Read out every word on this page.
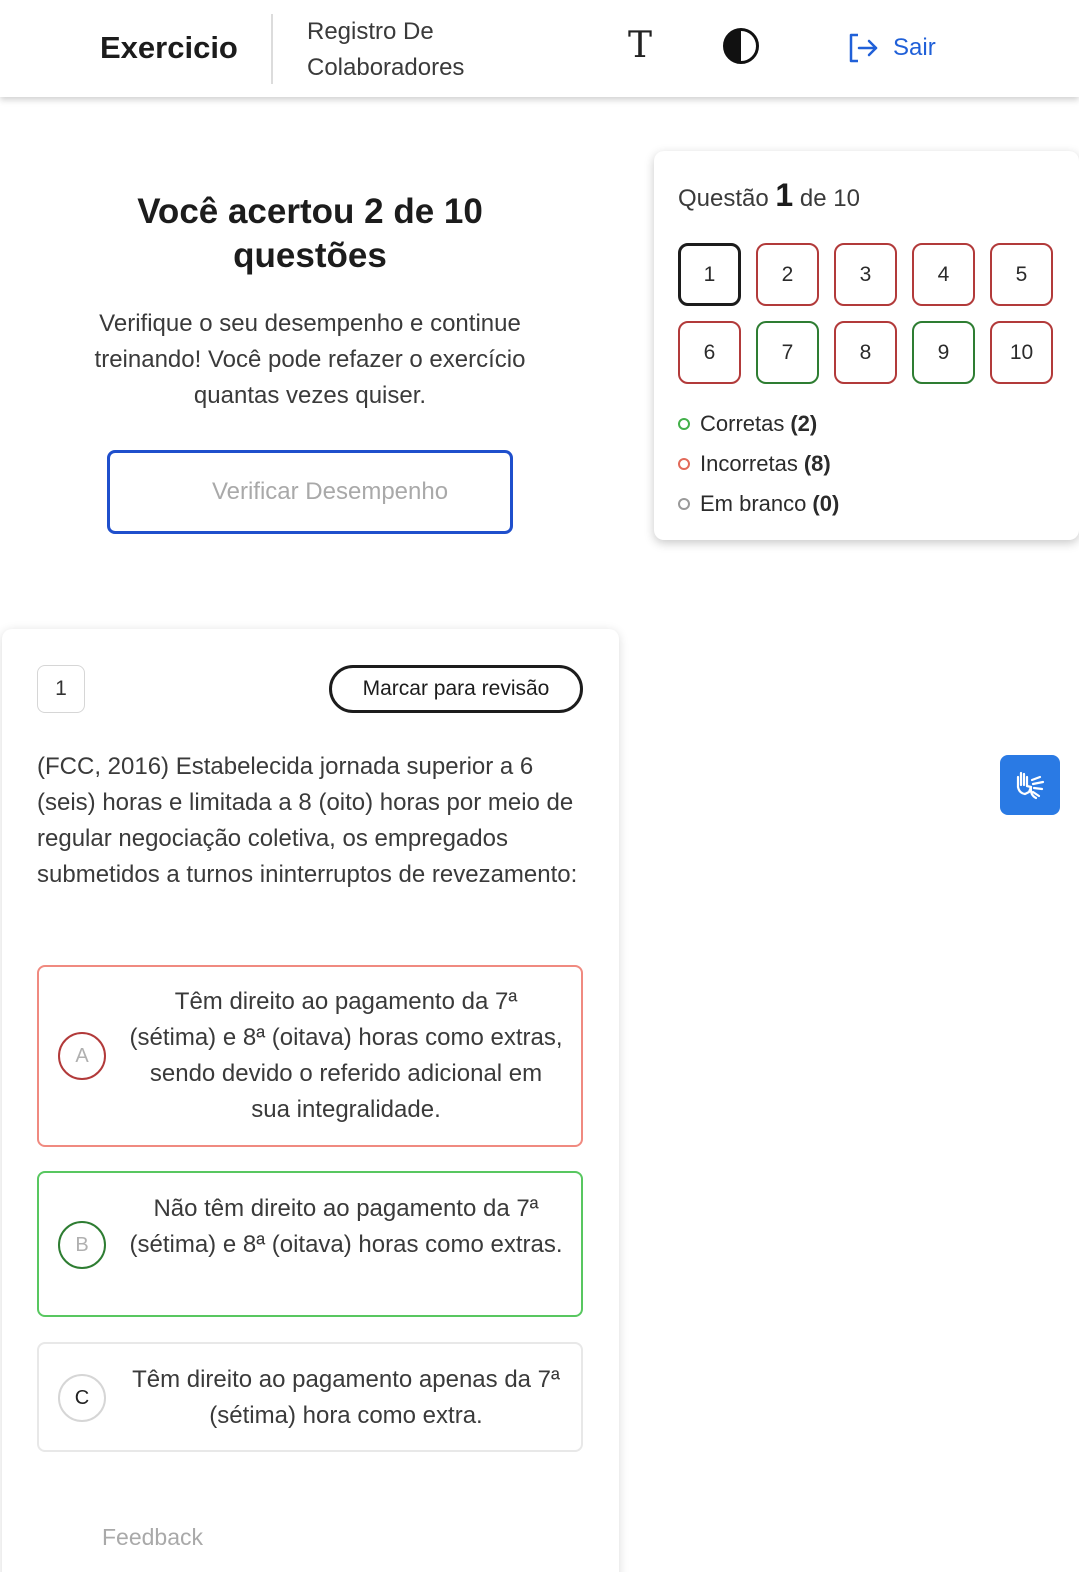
Exercicio	Registro De Colaboradores
T	Sair
Você acertou 2 de 10 questões
Verifique o seu desempenho e continue treinando! Você pode refazer o exercício quantas vezes quiser.
Verificar Desempenho
Questão 1 de 10
1	2	3	4	5
6	7	8	9	10
Corretas (2)
Incorretas (8)
Em branco (0)
1	Marcar para revisão
(FCC, 2016) Estabelecida jornada superior a 6 (seis) horas e limitada a 8 (oito) horas por meio de regular negociação coletiva, os empregados submetidos a turnos ininterruptos de revezamento:
A
Têm direito ao pagamento da 7ª (sétima) e 8ª (oitava) horas como extras, sendo devido o referido adicional em sua integralidade.
B
Não têm direito ao pagamento da 7ª (sétima) e 8ª (oitava) horas como extras.
C
Têm direito ao pagamento apenas da 7ª (sétima) hora como extra.
Feedback
